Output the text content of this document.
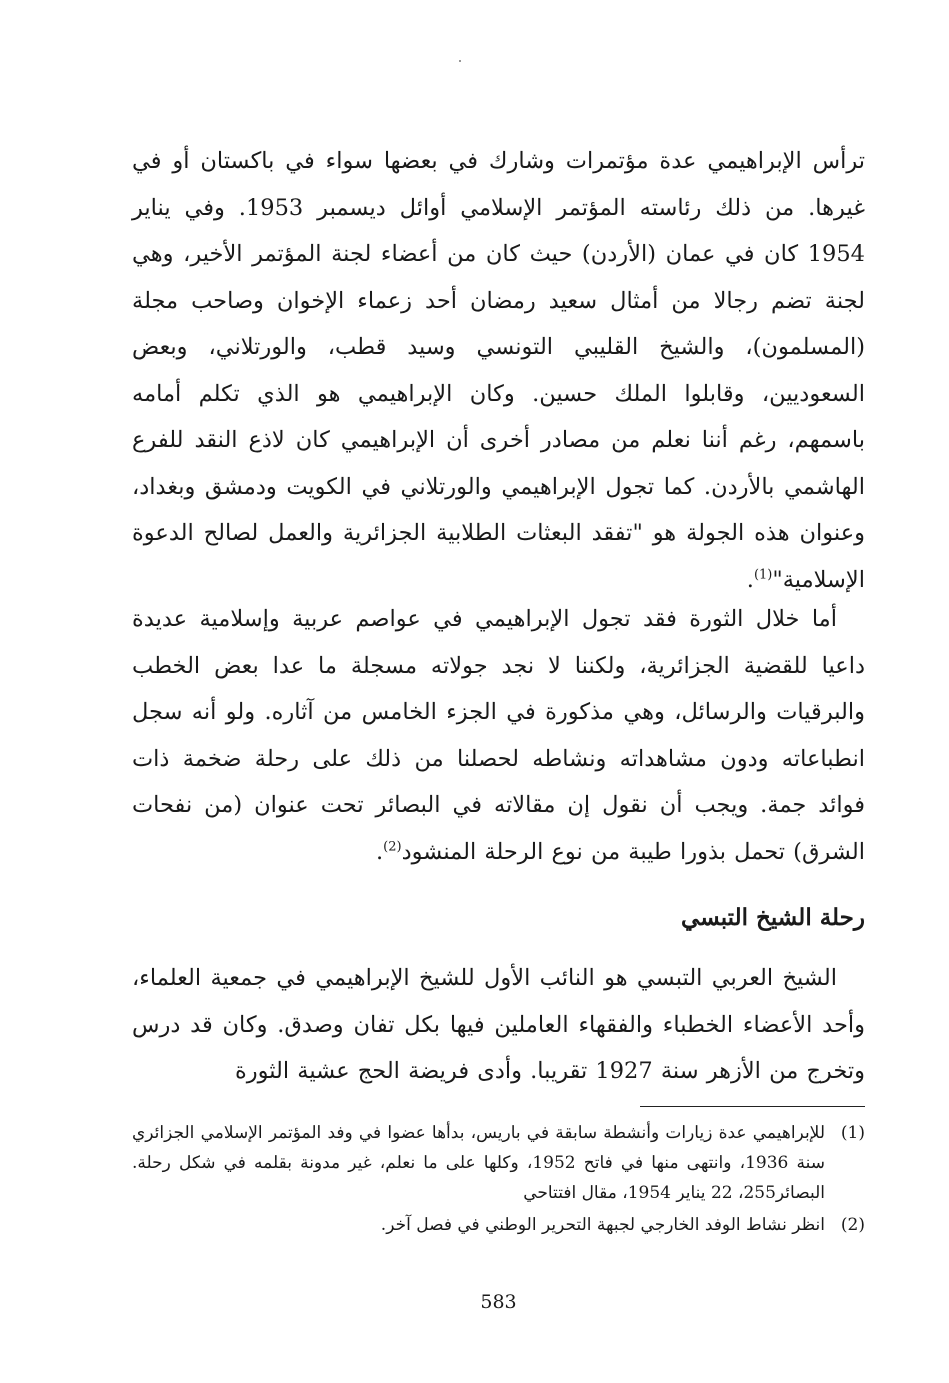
ترأس الإبراهيمي عدة مؤتمرات وشارك في بعضها سواء في باكستان أو في غيرها. من ذلك رئاسته المؤتمر الإسلامي أوائل ديسمبر 1953. وفي يناير 1954 كان في عمان (الأردن) حيث كان من أعضاء لجنة المؤتمر الأخير، وهي لجنة تضم رجالا من أمثال سعيد رمضان أحد زعماء الإخوان وصاحب مجلة (المسلمون)، والشيخ القليبي التونسي وسيد قطب، والورتلاني، وبعض السعوديين، وقابلوا الملك حسين. وكان الإبراهيمي هو الذي تكلم أمامه باسمهم، رغم أننا نعلم من مصادر أخرى أن الإبراهيمي كان لاذع النقد للفرع الهاشمي بالأردن. كما تجول الإبراهيمي والورتلاني في الكويت ودمشق وبغداد، وعنوان هذه الجولة هو "تفقد البعثات الطلابية الجزائرية والعمل لصالح الدعوة الإسلامية"$^{(1)}$.

أما خلال الثورة فقد تجول الإبراهيمي في عواصم عربية وإسلامية عديدة داعيا للقضية الجزائرية، ولكننا لا نجد جولاته مسجلة ما عدا بعض الخطب والبرقيات والرسائل، وهي مذكورة في الجزء الخامس من آثاره. ولو أنه سجل انطباعاته ودون مشاهداته ونشاطه لحصلنا من ذلك على رحلة ضخمة ذات فوائد جمة. ويجب أن نقول إن مقالاته في البصائر تحت عنوان (من نفحات الشرق) تحمل بذورا طيبة من نوع الرحلة المنشود$^{(2)}$.

رحلة الشيخ التبسي

الشيخ العربي التبسي هو النائب الأول للشيخ الإبراهيمي في جمعية العلماء، وأحد الأعضاء الخطباء والفقهاء العاملين فيها بكل تفان وصدق. وكان قد درس وتخرج من الأزهر سنة 1927 تقريبا. وأدى فريضة الحج عشية الثورة

(1)
للإبراهيمي عدة زيارات وأنشطة سابقة في باريس، بدأها عضوا في وفد المؤتمر الإسلامي الجزائري سنة 1936، وانتهى منها في فاتح 1952، وكلها على ما نعلم، غير مدونة بقلمه في شكل رحلة. البصائر255، 22 يناير 1954، مقال افتتاحي
(2)
انظر نشاط الوفد الخارجي لجبهة التحرير الوطني في فصل آخر.
583
